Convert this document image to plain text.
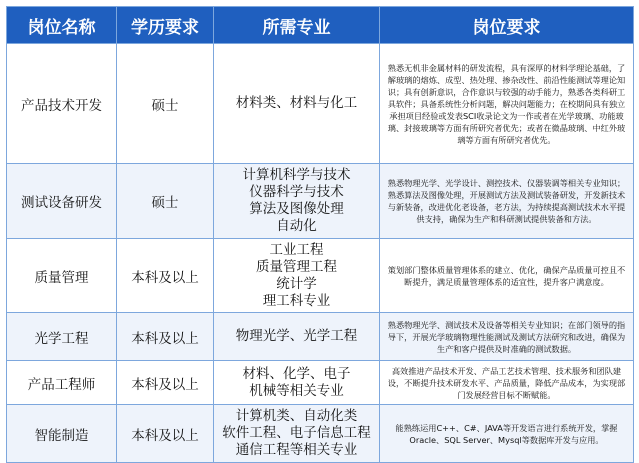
岗位名称	学历要求	所需专业	岗位要求
产品技术开发	硕士	材料类、材料与化工	熟悉无机非金属材料的研发流程，具有深厚的材料学理论基础，了解玻璃的熔炼、成型、热处理、掺杂改性、前沿性能测试等理论知识；具有创新意识，合作意识与较强的动手能力，熟悉各类科研工具软件；具备系统性分析问题，解决问题能力；在校期间具有独立承担项目经验或发表SCI收录论文为一作或者在光学玻璃、功能玻璃、封接玻璃等方面有所研究者优先；或者在微晶玻璃、中红外玻璃等方面有所研究者优先。
测试设备研发	硕士	计算机科学与技术
仪器科学与技术
算法及图像处理
自动化	熟悉物理光学、光学设计、测控技术、仪器装调等相关专业知识；熟悉算法及图像处理，开展测试方法及测试装备研发，开发新技术与新装备，改进优化老设备，老方法，为持续提高测试技术水平提供支持，确保为生产和科研测试提供装备和方法。
质量管理	本科及以上	工业工程
质量管理工程
统计学
理工科专业	策划部门整体质量管理体系的建立、优化，确保产品质量可控且不断提升，满足质量管理体系的适宜性，提升客户满意度。
光学工程	本科及以上	物理光学、光学工程	熟悉物理光学、测试技术及设备等相关专业知识；在部门领导的指导下，开展光学玻璃物理性能测试及测试方法研究和改进，确保为生产和客户提供及时准确的测试数据。
产品工程师	本科及以上	材料、化学、电子
机械等相关专业	高效推进产品技术开发、产品工艺技术管理、技术服务和团队建设，不断提升技术研发水平、产品质量，降低产品成本，为实现部门发展经营目标不断赋能。
智能制造	本科及以上	计算机类、自动化类
软件工程、电子信息工程
通信工程等相关专业	能熟练运用C++、C#、JAVA等开发语言进行系统开发，掌握Oracle、SQL Server、Mysql等数据库开发与应用。
